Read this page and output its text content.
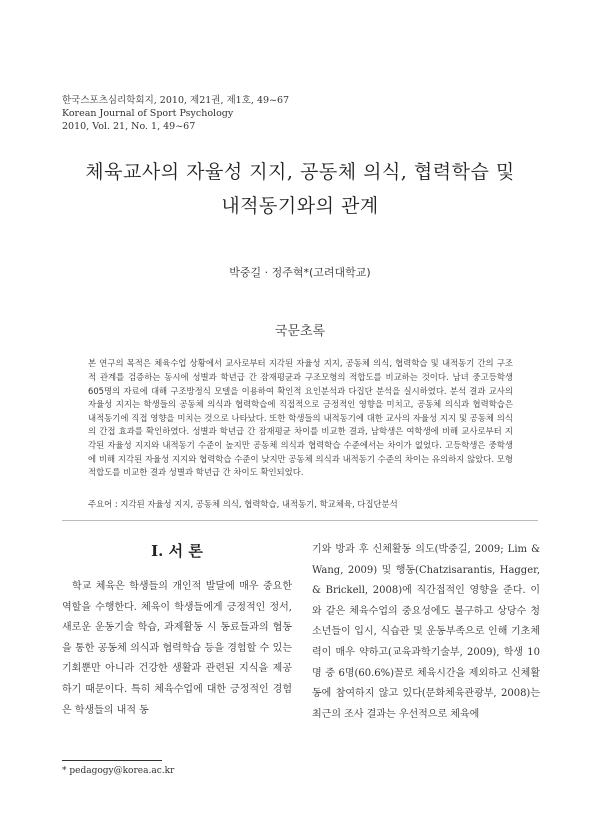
한국스포츠심리학회지, 2010, 제21권, 제1호, 49~67
Korean Journal of Sport Psychology
2010, Vol. 21, No. 1, 49~67
체육교사의 자율성 지지, 공동체 의식, 협력학습 및
내적동기와의 관계
박중길 · 정주혁*(고려대학교)
국문초록

본 연구의 목적은 체육수업 상황에서 교사로부터 지각된 자율성 지지, 공동체 의식, 협력학습 및 내적동기 간의 구조적 관계를 검증하는 동시에 성별과 학년급 간 잠재평균과 구조모형의 적합도를 비교하는 것이다. 남녀 중고등학생 605명의 자료에 대해 구조방정식 모델을 이용하여 확인적 요인분석과 다집단 분석을 실시하였다. 분석 결과 교사의 자율성 지지는 학생들의 공동체 의식과 협력학습에 직접적으로 긍정적인 영향을 미치고, 공동체 의식과 협력학습은 내적동기에 직접 영향을 미치는 것으로 나타났다. 또한 학생들의 내적동기에 대한 교사의 자율성 지지 및 공동체 의식의 간접 효과를 확인하였다. 성별과 학년급 간 잠재평균 차이를 비교한 결과, 남학생은 여학생에 비해 교사로부터 지각된 자율성 지지와 내적동기 수준이 높지만 공동체 의식과 협력학습 수준에서는 차이가 없었다. 고등학생은 중학생에 비해 지각된 자율성 지지와 협력학습 수준이 낮지만 공동체 의식과 내적동기 수준의 차이는 유의하지 않았다. 모형 적합도를 비교한 결과 성별과 학년급 간 차이도 확인되었다.

주요어 : 지각된 자율성 지지, 공동체 의식, 협력학습, 내적동기, 학교체육, 다집단분석
I. 서 론

학교 체육은 학생들의 개인적 발달에 매우 중요한 역할을 수행한다. 체육이 학생들에게 긍정적인 정서, 새로운 운동기술 학습, 과제활동 시 동료들과의 협동을 통한 공동체 의식과 협력학습 등을 경험할 수 있는 기회뿐만 아니라 건강한 생활과 관련된 지식을 제공하기 때문이다. 특히 체육수업에 대한 긍정적인 경험은 학생들의 내적 동

기와 방과 후 신체활동 의도(박중길, 2009; Lim & Wang, 2009) 및 행동(Chatzisarantis, Hagger, & Brickell, 2008)에 직간접적인 영향을 준다. 이와 같은 체육수업의 중요성에도 불구하고 상당수 청소년들이 입시, 식습관 및 운동부족으로 인해 기초체력이 매우 약하고(교육과학기술부, 2009), 학생 10명 중 6명(60.6%)꼴로 체육시간을 제외하고 신체활동에 참여하지 않고 있다(문화체육관광부, 2008)는 최근의 조사 결과는 우선적으로 체육에

* pedagogy@korea.ac.kr
